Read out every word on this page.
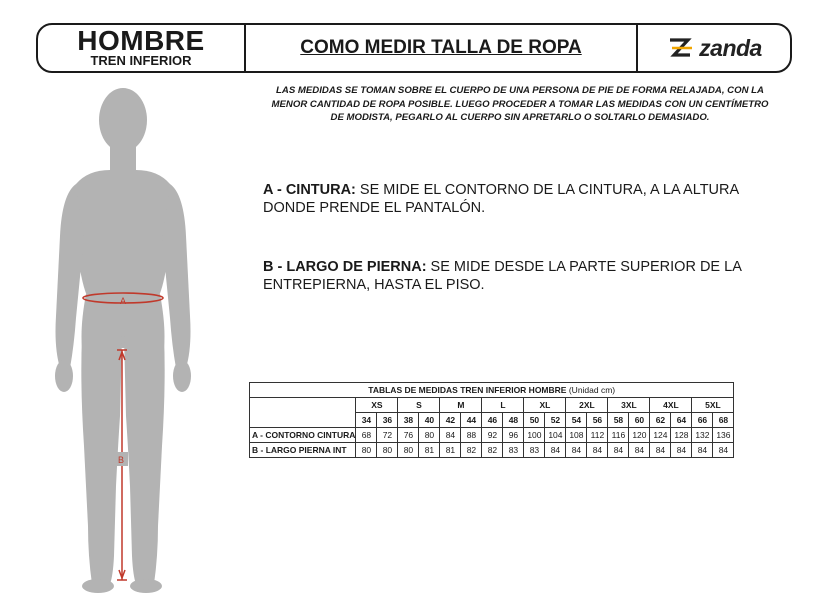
HOMBRE
TREN INFERIOR
COMO MEDIR TALLA DE ROPA	zanda
LAS MEDIDAS SE TOMAN SOBRE EL CUERPO DE UNA PERSONA DE PIE DE FORMA RELAJADA, CON LA MENOR CANTIDAD DE ROPA POSIBLE. LUEGO PROCEDER A TOMAR LAS MEDIDAS CON UN CENTÍMETRO DE MODISTA, PEGARLO AL CUERPO SIN APRETARLO O SOLTARLO DEMASIADO.
A
B
A - CINTURA: SE MIDE EL CONTORNO DE LA CINTURA, A LA ALTURA DONDE PRENDE EL PANTALÓN.
B - LARGO DE PIERNA: SE MIDE DESDE LA PARTE SUPERIOR DE LA ENTREPIERNA, HASTA EL PISO.
TABLAS DE MEDIDAS TREN INFERIOR HOMBRE (Unidad cm)																		
	XS		S		M		L		XL		2XL		3XL		4XL		5XL	
	34	36	38	40	42	44	46	48	50	52	54	56	58	60	62	64	66	68
A - CONTORNO CINTURA	68	72	76	80	84	88	92	96	100	104	108	112	116	120	124	128	132	136
B - LARGO PIERNA INT	80	80	80	81	81	82	82	83	83	84	84	84	84	84	84	84	84	84
